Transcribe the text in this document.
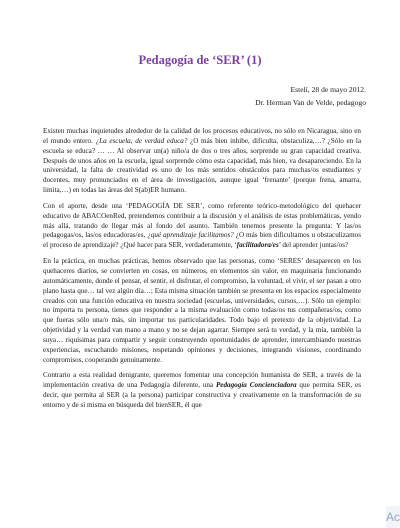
Pedagogía de ‘SER’ (1)
Estelí, 28 de mayo 2012.
Dr. Herman Van de Velde, pedagogo

Existen muchas inquietudes alrededor de la calidad de los procesos educativos, no sólo en Nicaragua, sino en el mundo entero. ¿La escuela, de verdad educa? ¿O más bien inhibe, dificulta, obstaculiza,…? ¿Sólo en la escuela se educa? … … Al observar un(a) niño/a de dos o tres años, sorprende su gran capacidad creativa. Después de unos años en la escuela, igual sorprende cómo esta capacidad, más bien, va desapareciendo. En la universidad, la falta de creatividad es uno de los más sentidos obstáculos para muchas/os estudiantes y docentes, muy pronunciados en el área de investigación, aunque igual ‘frenante’ (porque frena, amarra, limita,…) en todas las áreas del S(ab)ER humano.

Con el aporte, desde una ‘PEDAGOGÍA DE SER’, como referente teórico-metodológico del quehacer educativo de ABACOenRed, pretendemos contribuir a la discusión y el análisis de estas problemáticas, yendo más allá, tratando de llegar más al fondo del asunto. También tenemos presente la pregunta: Y las/os pedagogas/os, las/os educadoras/es, ¿qué aprendizaje facilitamos? ¿O más bien dificultamos u obstaculizamos el proceso de aprendizaje? ¿Qué hacer para SER, verdaderamente, ‘facilitadora/es’ del aprender juntas/os?

En la práctica, en muchas prácticas, hemos observado que las personas, como ‘SERES’ desaparecen en los quehaceres diarios, se convierten en cosas, en números, en elementos sin valor, en maquinaria funcionando automáticamente, donde el pensar, el sentir, el disfrutar, el compromiso, la voluntad, el vivir, el ser pasan a otro plano hasta que… tal vez algún día…; Esta misma situación también se presenta en los espacios especialmente creados con una función educativa en nuestra sociedad (escuelas, universidades, cursos,…). Sólo un ejemplo: no importa tu persona, tienes que responder a la misma evaluación como todas/os tus compañeras/os, como que fueras sólo una/o más, sin importar tus particularidades. Todo bajo el pretexto de la objetividad. La objetividad y la verdad van mano a mano y no se dejan agarrar. Siempre será tu verdad, y la mía, también la suya… riquísimas para compartir y seguir construyendo oportunidades de aprender, intercambiando nuestras experiencias, escuchando misiones, respetando opiniones y decisiones, integrando visiones, coordinando compromisos, cooperando genuinamente.

Contrario a esta realidad denigrante, queremos fomentar una concepción humanista de SER, a través de la implementación creativa de una Pedagogía diferente, una Pedagogía Concienciadora que permita SER, es decir, que permita al SER (a la persona) participar constructiva y creativamente en la transformación de su entorno y de sí misma en búsqueda del bienSER, él que

Ac
